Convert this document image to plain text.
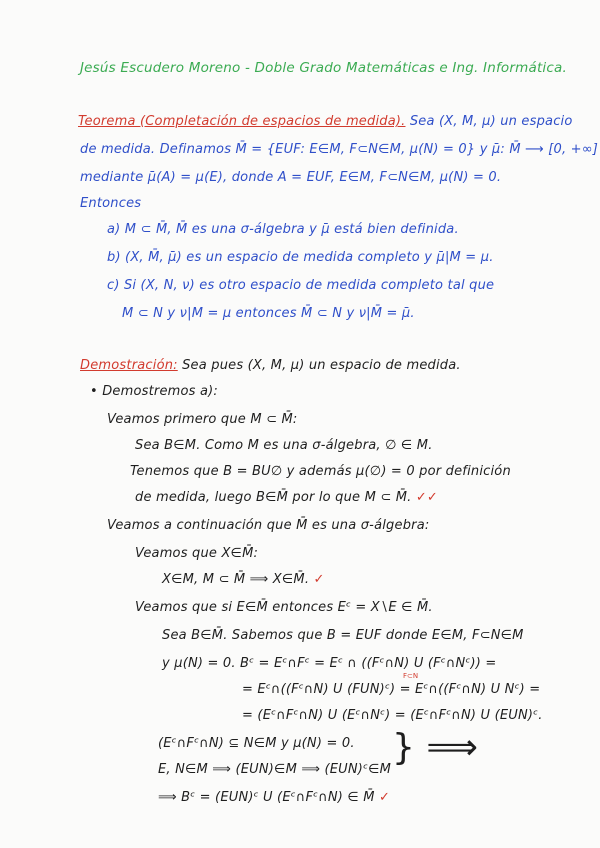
Jesús Escudero Moreno - Doble Grado Matemáticas e Ing. Informática.
Teorema (Completación de espacios de medida). Sea (X, M, μ) un espacio
de medida. Definamos M̄ = {EUF: E∈M, F⊂N∈M, μ(N) = 0} y μ̄: M̄ ⟶ [0, +∞]
mediante μ̄(A) = μ(E), donde A = EUF, E∈M, F⊂N∈M, μ(N) = 0.
Entonces
a) M ⊂ M̄, M̄ es una σ-álgebra y μ̄ está bien definida.
b) (X, M̄, μ̄) es un espacio de medida completo y μ̄|M = μ.
c) Si (X, N, ν) es otro espacio de medida completo tal que
M ⊂ N y ν|M = μ entonces M̄ ⊂ N y ν|M̄ = μ̄.
Demostración: Sea pues (X, M, μ) un espacio de medida.
• Demostremos a):
Veamos primero que M ⊂ M̄:
Sea B∈M. Como M es una σ-álgebra, ∅ ∈ M.
Tenemos que B = BU∅ y además μ(∅) = 0 por definición
de medida, luego B∈M̄ por lo que M ⊂ M̄. ✓✓
Veamos a continuación que M̄ es una σ-álgebra:
Veamos que X∈M̄:
X∈M, M ⊂ M̄ ⟹ X∈M̄. ✓
Veamos que si E∈M̄ entonces Eᶜ = X∖E ∈ M̄.
Sea B∈M̄. Sabemos que B = EUF donde E∈M, F⊂N∈M
y μ(N) = 0. Bᶜ = Eᶜ∩Fᶜ = Eᶜ ∩ ((Fᶜ∩N) U (Fᶜ∩Nᶜ)) =
F⊂N
= Eᶜ∩((Fᶜ∩N) U (FUN)ᶜ) = Eᶜ∩((Fᶜ∩N) U Nᶜ) =
= (Eᶜ∩Fᶜ∩N) U (Eᶜ∩Nᶜ) = (Eᶜ∩Fᶜ∩N) U (EUN)ᶜ.
(Eᶜ∩Fᶜ∩N) ⊆ N∈M y μ(N) = 0.
E, N∈M ⟹ (EUN)∈M ⟹ (EUN)ᶜ∈M
} ⟹
⟹ Bᶜ = (EUN)ᶜ U (Eᶜ∩Fᶜ∩N) ∈ M̄ ✓
